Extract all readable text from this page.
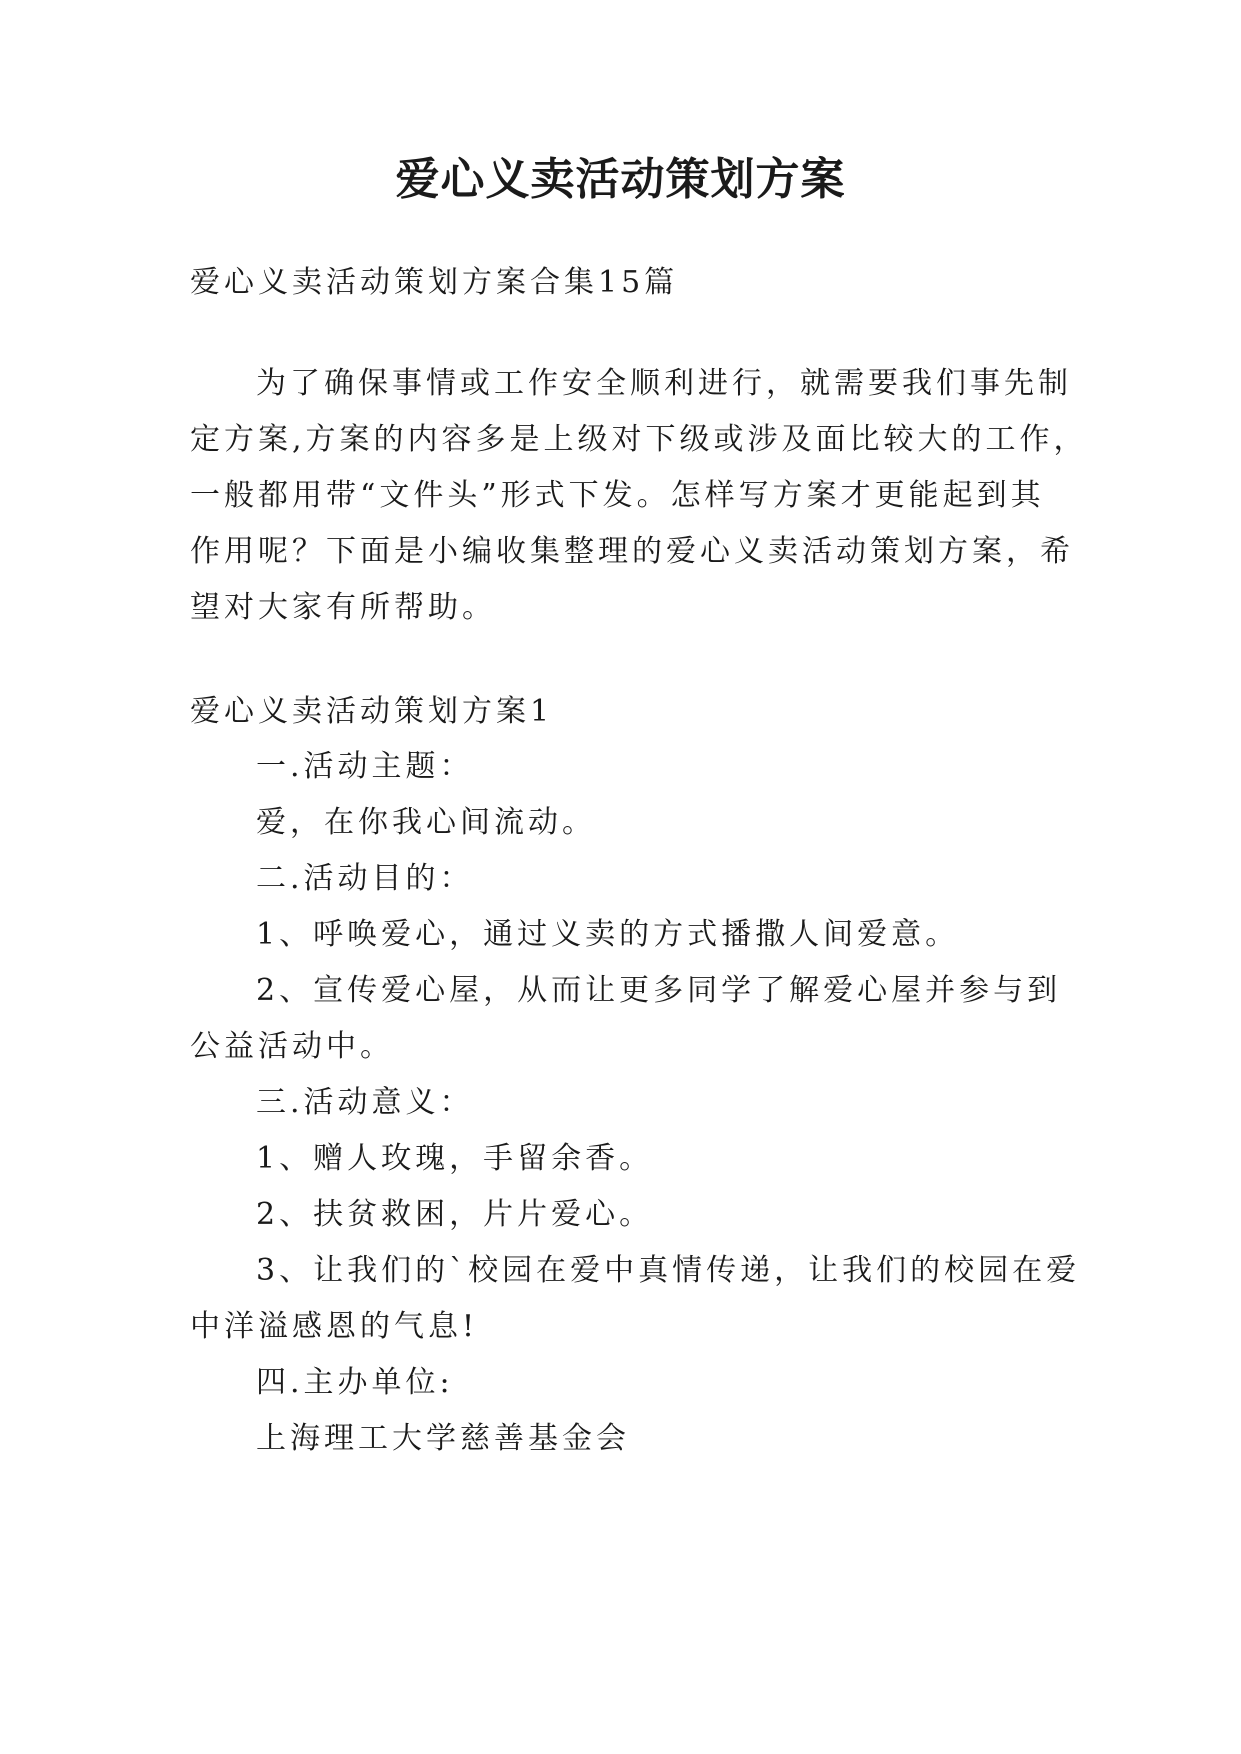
爱心义卖活动策划方案
爱心义卖活动策划方案合集15篇
为了确保事情或工作安全顺利进行，就需要我们事先制
定方案,方案的内容多是上级对下级或涉及面比较大的工作，
一般都用带“文件头”形式下发。怎样写方案才更能起到其
作用呢？下面是小编收集整理的爱心义卖活动策划方案，希
望对大家有所帮助。
爱心义卖活动策划方案1
一.活动主题：
爱，在你我心间流动。
二.活动目的：
1、呼唤爱心，通过义卖的方式播撒人间爱意。
2、宣传爱心屋，从而让更多同学了解爱心屋并参与到
公益活动中。
三.活动意义：
1、赠人玫瑰，手留余香。
2、扶贫救困，片片爱心。
3、让我们的`校园在爱中真情传递，让我们的校园在爱
中洋溢感恩的气息!
四.主办单位:
上海理工大学慈善基金会
